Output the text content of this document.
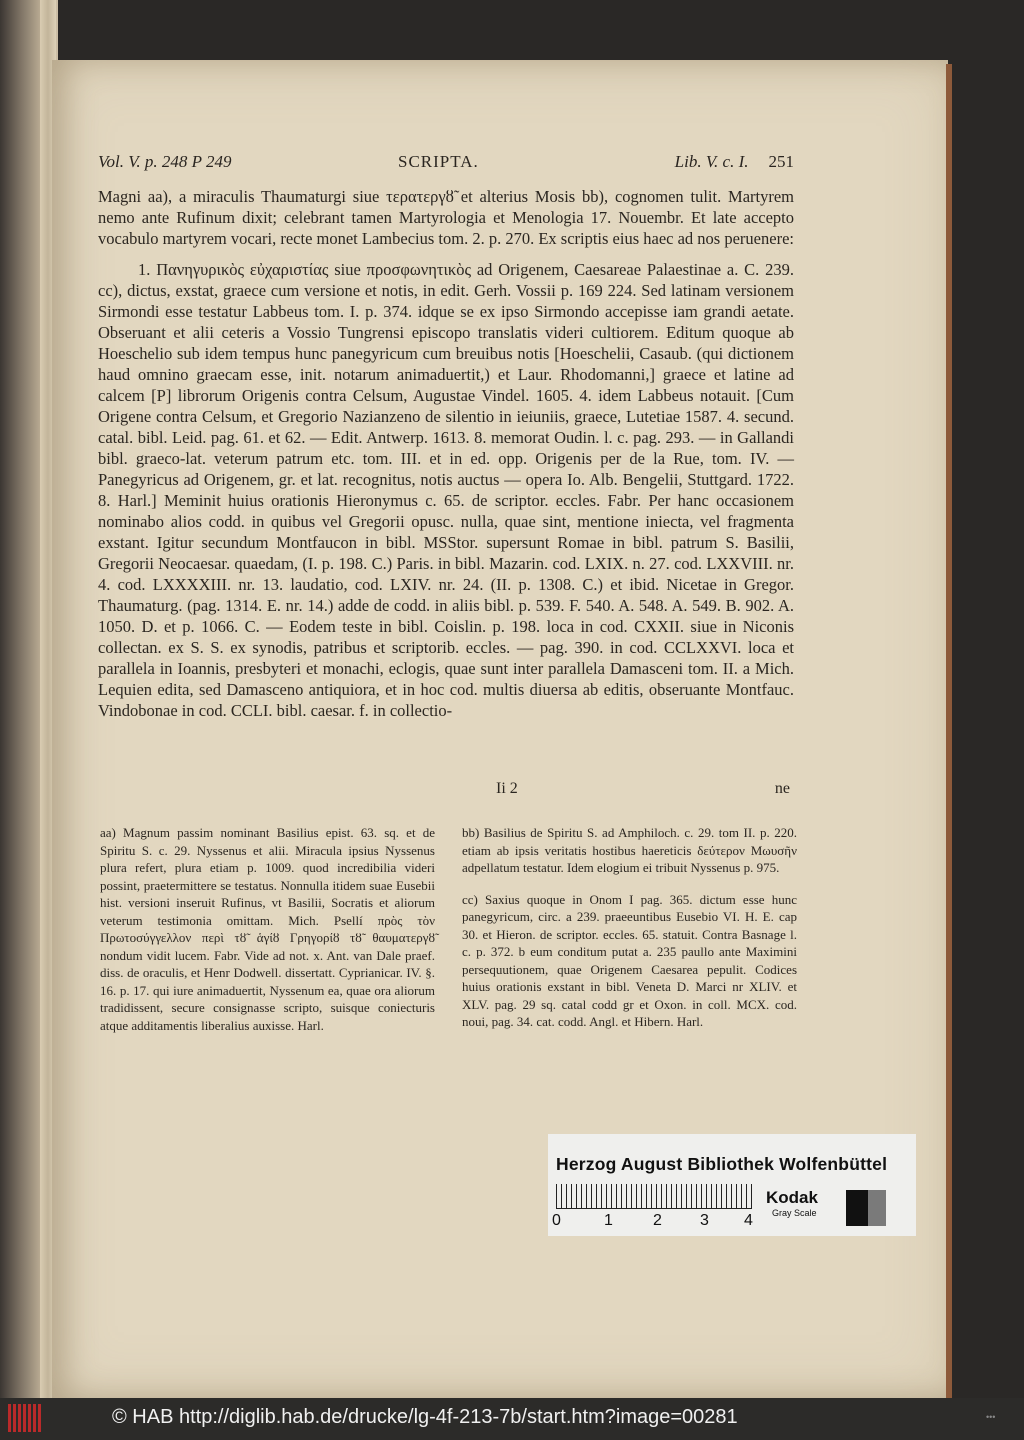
Vol. V. p. 248 P 249	SCRIPTA.	Lib. V. c. I. 251

Magni aa), a miraculis Thaumaturgi siue τερατεργȣ̃ et alterius Mosis bb), cognomen tulit. Martyrem nemo ante Rufinum dixit; celebrant tamen Martyrologia et Menologia 17. Nouembr. Et late accepto vocabulo martyrem vocari, recte monet Lambecius tom. 2. p. 270. Ex scriptis eius haec ad nos peruenere:

1. Πανηγυρικὸς εὐχαριστίας siue προσφωνητικὸς ad Origenem, Caesareae Palaestinae a. C. 239. cc), dictus, exstat, graece cum versione et notis, in edit. Gerh. Vossii p. 169 224. Sed latinam versionem Sirmondi esse testatur Labbeus tom. I. p. 374. idque se ex ipso Sirmondo accepisse iam grandi aetate. Obseruant et alii ceteris a Vossio Tungrensi episcopo translatis videri cultiorem. Editum quoque ab Hoeschelio sub idem tempus hunc panegyricum cum breuibus notis [Hoeschelii, Casaub. (qui dictionem haud omnino graecam esse, init. notarum animaduertit,) et Laur. Rhodomanni,] graece et latine ad calcem [P] librorum Origenis contra Celsum, Augustae Vindel. 1605. 4. idem Labbeus notauit. [Cum Origene contra Celsum, et Gregorio Nazianzeno de silentio in ieiuniis, graece, Lutetiae 1587. 4. secund. catal. bibl. Leid. pag. 61. et 62. — Edit. Antwerp. 1613. 8. memorat Oudin. l. c. pag. 293. — in Gallandi bibl. graeco-lat. veterum patrum etc. tom. III. et in ed. opp. Origenis per de la Rue, tom. IV. — Panegyricus ad Origenem, gr. et lat. recognitus, notis auctus — opera Io. Alb. Bengelii, Stuttgard. 1722. 8. Harl.] Meminit huius orationis Hieronymus c. 65. de scriptor. eccles. Fabr. Per hanc occasionem nominabo alios codd. in quibus vel Gregorii opusc. nulla, quae sint, mentione iniecta, vel fragmenta exstant. Igitur secundum Montfaucon in bibl. MSStor. supersunt Romae in bibl. patrum S. Basilii, Gregorii Neocaesar. quaedam, (I. p. 198. C.) Paris. in bibl. Mazarin. cod. LXIX. n. 27. cod. LXXVIII. nr. 4. cod. LXXXXIII. nr. 13. laudatio, cod. LXIV. nr. 24. (II. p. 1308. C.) et ibid. Nicetae in Gregor. Thaumaturg. (pag. 1314. E. nr. 14.) adde de codd. in aliis bibl. p. 539. F. 540. A. 548. A. 549. B. 902. A. 1050. D. et p. 1066. C. — Eodem teste in bibl. Coislin. p. 198. loca in cod. CXXII. siue in Niconis collectan. ex S. S. ex synodis, patribus et scriptorib. eccles. — pag. 390. in cod. CCLXXVI. loca et parallela in Ioannis, presbyteri et monachi, eclogis, quae sunt inter parallela Damasceni tom. II. a Mich. Lequien edita, sed Damasceno antiquiora, et in hoc cod. multis diuersa ab editis, obseruante Montfauc. Vindobonae in cod. CCLI. bibl. caesar. f. in collectio-

Ii 2	ne

aa) Magnum passim nominant Basilius epist. 63. sq. et de Spiritu S. c. 29. Nyssenus et alii. Miracula ipsius Nyssenus plura refert, plura etiam p. 1009. quod incredibilia videri possint, praetermittere se testatus. Nonnulla itidem suae Eusebii hist. versioni inseruit Rufinus, vt Basilii, Socratis et aliorum veterum testimonia omittam. Mich. Psellí πρὸς τὸν Πρωτοσύγγελλον περὶ τȣ̃ ἁγίȣ Γρηγορίȣ τȣ̃ θαυματεργȣ̃ nondum vidit lucem. Fabr. Vide ad not. x. Ant. van Dale praef. diss. de oraculis, et Henr Dodwell. dissertatt. Cyprianicar. IV. §. 16. p. 17. qui iure animaduertit, Nyssenum ea, quae ora aliorum tradidissent, secure consignasse scripto, suisque coniecturis atque additamentis liberalius auxisse. Harl.

bb) Basilius de Spiritu S. ad Amphiloch. c. 29. tom II. p. 220. etiam ab ipsis veritatis hostibus haereticis δεύτερον Μωυσῆν adpellatum testatur. Idem elogium ei tribuit Nyssenus p. 975.

cc) Saxius quoque in Onom I pag. 365. dictum esse hunc panegyricum, circ. a 239. praeeuntibus Eusebio VI. H. E. cap 30. et Hieron. de scriptor. eccles. 65. statuit. Contra Basnage l. c. p. 372. b eum conditum putat a. 235 paullo ante Maximini persequutionem, quae Origenem Caesarea pepulit. Codices huius orationis exstant in bibl. Veneta D. Marci nr XLIV. et XLV. pag. 29 sq. catal codd gr et Oxon. in coll. MCX. cod. noui, pag. 34. cat. codd. Angl. et Hibern. Harl.

Herzog August Bibliothek Wolfenbüttel
0	1	2 3 4
Kodak
Gray Scale
© HAB http://diglib.hab.de/drucke/lg-4f-213-7b/start.htm?image=00281	•••
